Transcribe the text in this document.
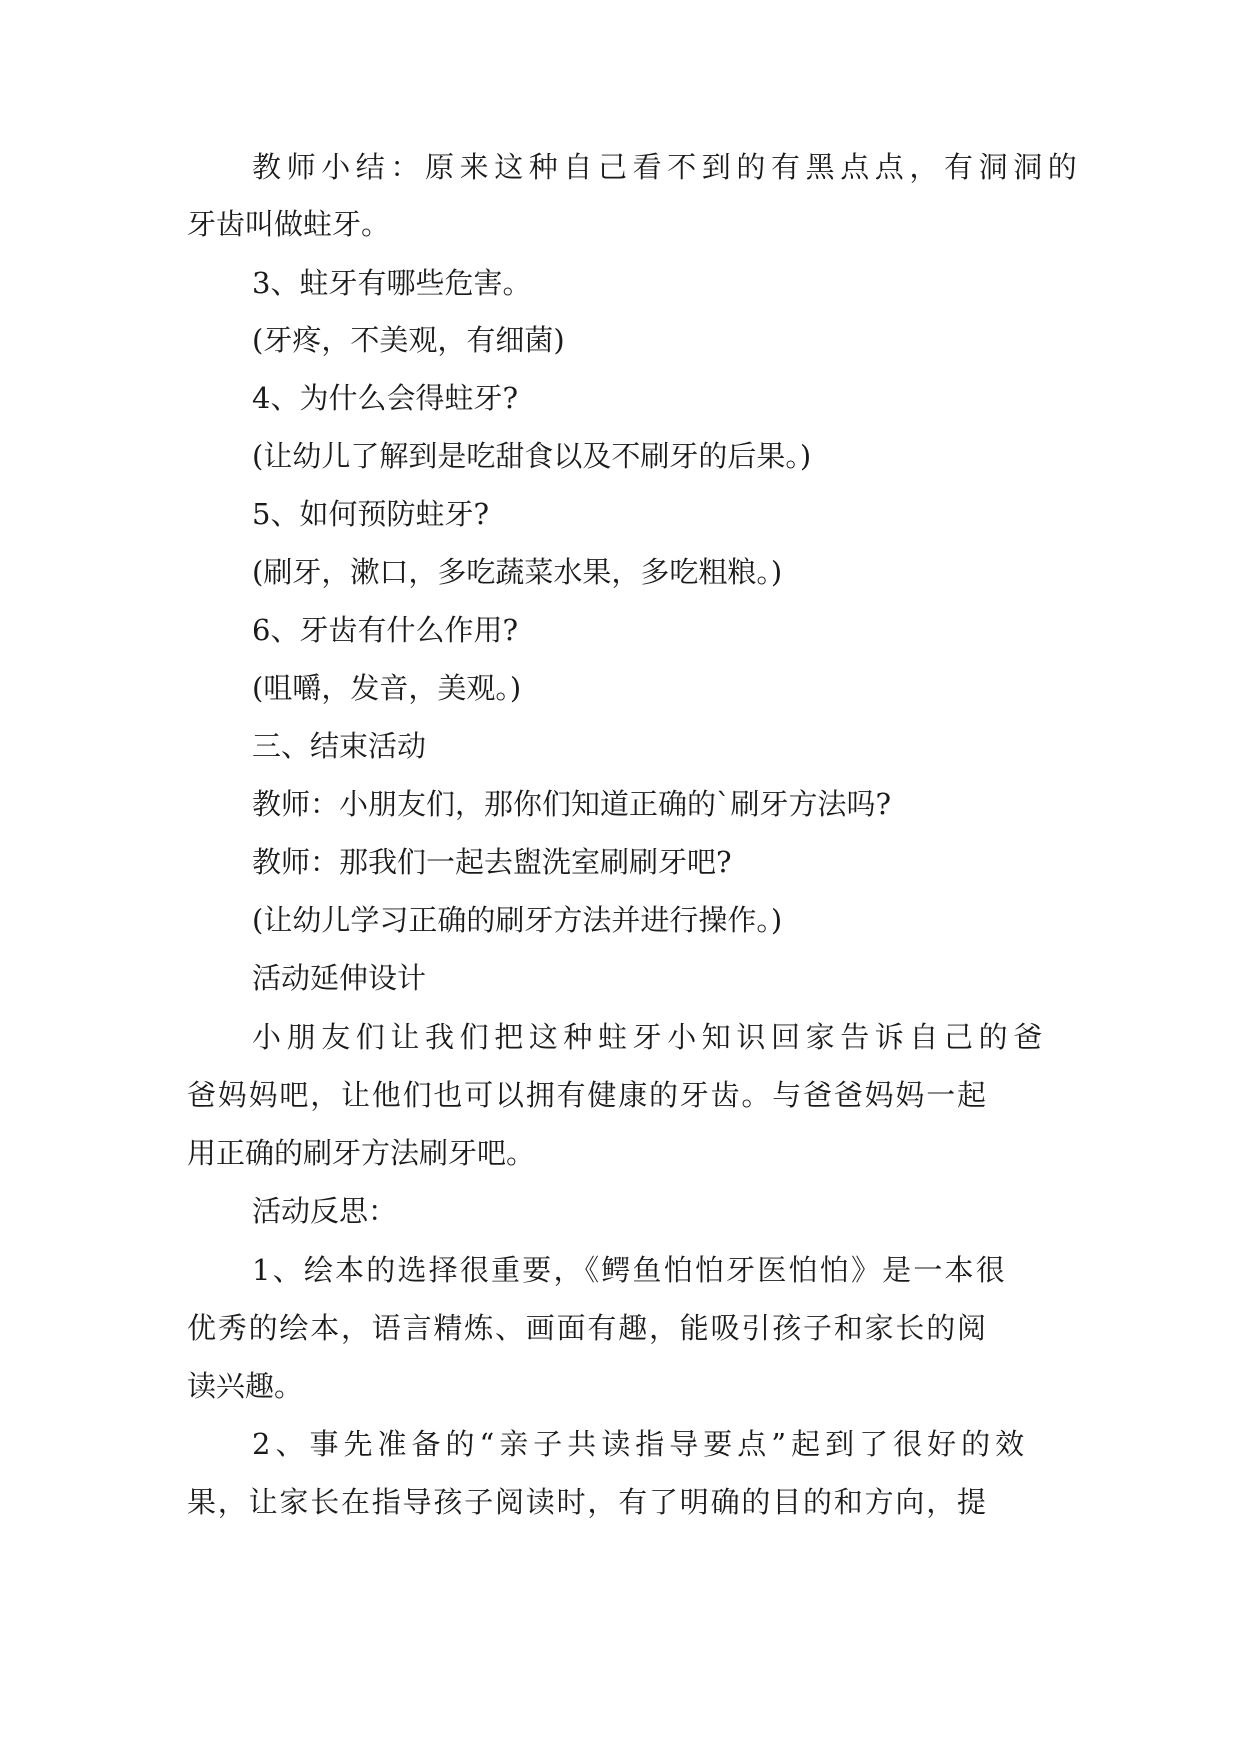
教师小结：原来这种自己看不到的有黑点点，有洞洞的
牙齿叫做蛀牙。
3、蛀牙有哪些危害。
(牙疼，不美观，有细菌)
4、为什么会得蛀牙?
(让幼儿了解到是吃甜食以及不刷牙的后果。)
5、如何预防蛀牙?
(刷牙，漱口，多吃蔬菜水果，多吃粗粮。)
6、牙齿有什么作用?
(咀嚼，发音，美观。)
三、结束活动
教师：小朋友们，那你们知道正确的`刷牙方法吗?
教师：那我们一起去盥洗室刷刷牙吧?
(让幼儿学习正确的刷牙方法并进行操作。)
活动延伸设计
小朋友们让我们把这种蛀牙小知识回家告诉自己的爸
爸妈妈吧，让他们也可以拥有健康的牙齿。与爸爸妈妈一起
用正确的刷牙方法刷牙吧。
活动反思：
1、绘本的选择很重要，《鳄鱼怕怕牙医怕怕》是一本很
优秀的绘本，语言精炼、画面有趣，能吸引孩子和家长的阅
读兴趣。
2、事先准备的“亲子共读指导要点”起到了很好的效
果，让家长在指导孩子阅读时，有了明确的目的和方向，提
